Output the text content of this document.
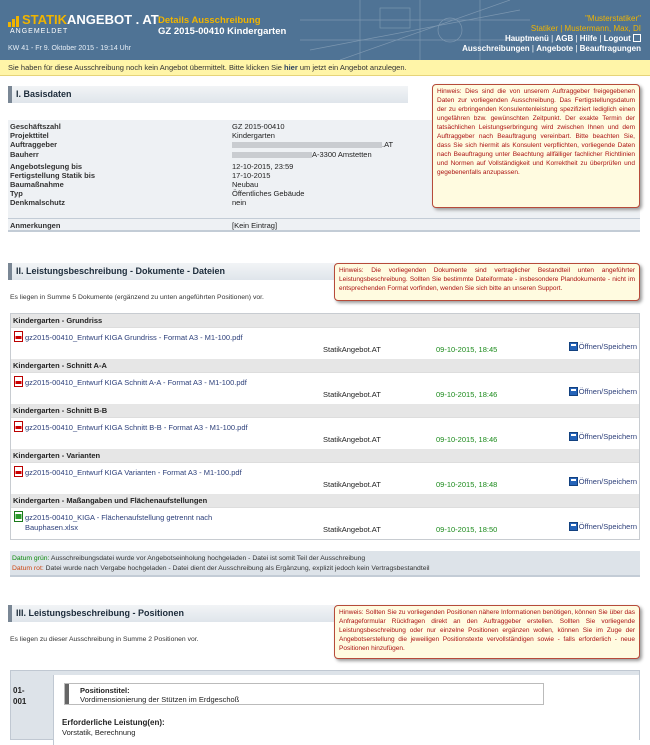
STATIKANGEBOT . AT
ANGEMELDET
KW 41 - Fr 9. Oktober 2015 - 19:14 Uhr
Details Ausschreibung
GZ 2015-00410 Kindergarten
"Musterstatiker"
Statiker | Mustermann, Max, DI
Hauptmenü | AGB | Hilfe | Logout
Ausschreibungen | Angebote | Beauftragungen
Sie haben für diese Ausschreibung noch kein Angebot übermittelt. Bitte klicken Sie hier um jetzt ein Angebot anzulegen.
I. Basisdaten	Hinweis: Dies sind die von unserem Auftraggeber freigegebenen Daten zur vorliegenden Ausschreibung. Das Fertigstellungsdatum der zu erbringenden Konsulentenleistung spezifiziert lediglich einen ungefähren bzw. gewünschten Zeitpunkt. Der exakte Termin der tatsächlichen Leistungserbringung wird zwischen Ihnen und dem Auftraggeber nach Beauftragung vereinbart. Bitte beachten Sie, dass Sie sich hiermit als Konsulent verpflichten, vorliegende Daten nach Beauftragung unter Beachtung allfälliger fachlicher Richtlinien und Normen auf Vollständigkeit und Korrektheit zu überprüfen und gegebenenfalls anzupassen.
Geschäftszahl	GZ 2015-00410
Projekttitel	Kindergarten
Auftraggeber	.AT
Bauherr	A-3300 Amstetten
Angebotslegung bis	12-10-2015, 23:59
Fertigstellung Statik bis	17-10-2015
Baumaßnahme	Neubau
Typ	Öffentliches Gebäude
Denkmalschutz	nein
Anmerkungen	[Kein Eintrag]
II. Leistungsbeschreibung - Dokumente - Dateien	Hinweis: Die vorliegenden Dokumente sind vertraglicher Bestandteil unten angeführter Leistungsbeschreibung. Sollten Sie bestimmte Dateiformate - insbesondere Plandokumente - nicht im entsprechenden Format vorfinden, wenden Sie sich bitte an unseren Support.
Es liegen in Summe 5 Dokumente (ergänzend zu unten angeführten Positionen) vor.
Kindergarten - Grundriss
gz2015-00410_Entwurf KIGA Grundriss - Format A3 - M1-100.pdf
StatikAngebot.AT	09-10-2015, 18:45	Öffnen/Speichern
Kindergarten - Schnitt A-A
gz2015-00410_Entwurf KIGA Schnitt A-A - Format A3 - M1-100.pdf
StatikAngebot.AT	09-10-2015, 18:46	Öffnen/Speichern
Kindergarten - Schnitt B-B
gz2015-00410_Entwurf KIGA Schnitt B-B - Format A3 - M1-100.pdf
StatikAngebot.AT	09-10-2015, 18:46	Öffnen/Speichern
Kindergarten - Varianten
gz2015-00410_Entwurf KIGA Varianten - Format A3 - M1-100.pdf
StatikAngebot.AT	09-10-2015, 18:48	Öffnen/Speichern
Kindergarten - Maßangaben und Flächenaufstellungen
gz2015-00410_KIGA - Flächenaufstellung getrennt nach Bauphasen.xlsx	StatikAngebot.AT	09-10-2015, 18:50	Öffnen/Speichern
Datum grün: Ausschreibungsdatei wurde vor Angebotseinholung hochgeladen - Datei ist somit Teil der Ausschreibung
Datum rot: Datei wurde nach Vergabe hochgeladen - Datei dient der Ausschreibung als Ergänzung, explizit jedoch kein Vertragsbestandteil
III. Leistungsbeschreibung - Positionen	Hinweis: Sollten Sie zu vorliegenden Positionen nähere Informationen benötigen, können Sie über das Anfrageformular Rückfragen direkt an den Auftraggeber erstellen. Sollten Sie vorliegende Leistungsbeschreibung oder nur einzelne Positionen ergänzen wollen, können Sie im Zuge der Angebotserstellung die jeweiligen Positionstexte vervollständigen sowie - falls erforderlich - neue Positionen hinzufügen.
Es liegen zu dieser Ausschreibung in Summe 2 Positionen vor.
01-
001
Positionstitel:
Vordimensionierung der Stützen im Erdgeschoß
Erforderliche Leistung(en):
Vorstatik, Berechnung
